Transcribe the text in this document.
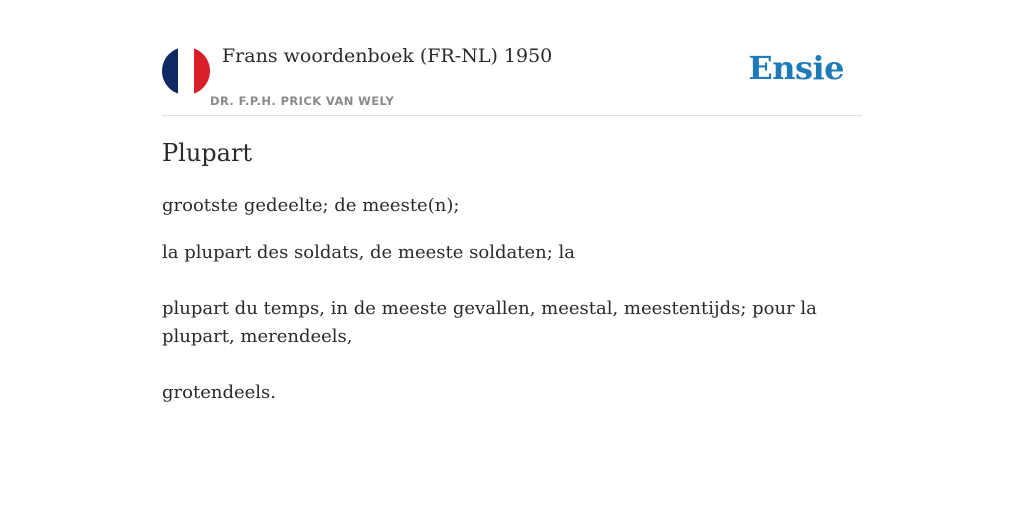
Frans woordenboek (FR-NL) 1950
DR. F.P.H. PRICK VAN WELY
Ensie
Plupart

grootste gedeelte; de meeste(n);

la plupart des soldats, de meeste soldaten; la

plupart du temps, in de meeste gevallen, meestal, meestentijds; pour la plupart, merendeels,

grotendeels.
